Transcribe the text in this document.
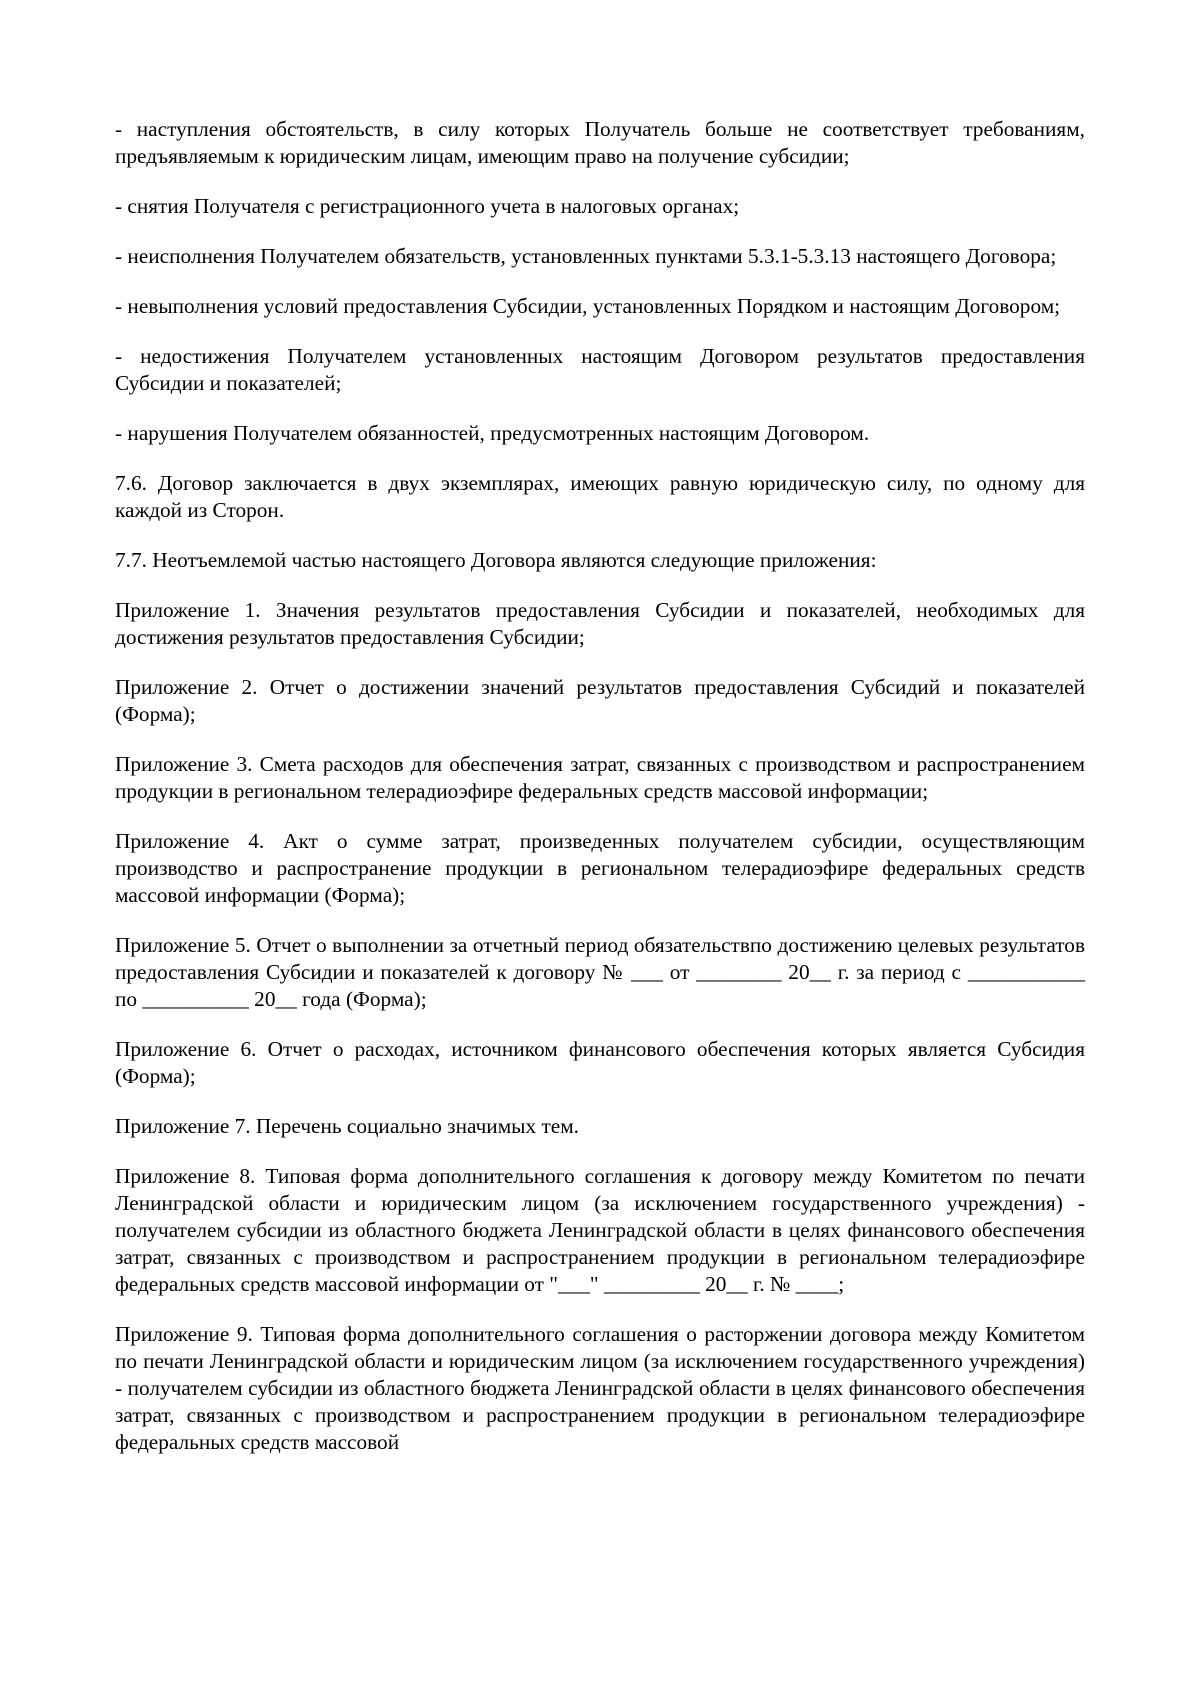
- наступления обстоятельств, в силу которых Получатель больше не соответствует требованиям, предъявляемым к юридическим лицам, имеющим право на получение субсидии;

- снятия Получателя с регистрационного учета в налоговых органах;

- неисполнения Получателем обязательств, установленных пунктами 5.3.1-5.3.13 настоящего Договора;

- невыполнения условий предоставления Субсидии, установленных Порядком и настоящим Договором;

- недостижения Получателем установленных настоящим Договором результатов предоставления Субсидии и показателей;

- нарушения Получателем обязанностей, предусмотренных настоящим Договором.

7.6. Договор заключается в двух экземплярах, имеющих равную юридическую силу, по одному для каждой из Сторон.

7.7. Неотъемлемой частью настоящего Договора являются следующие приложения:

Приложение 1. Значения результатов предоставления Субсидии и показателей, необходимых для достижения результатов предоставления Субсидии;

Приложение 2. Отчет о достижении значений результатов предоставления Субсидий и показателей (Форма);

Приложение 3. Смета расходов для обеспечения затрат, связанных с производством и распространением продукции в региональном телерадиоэфире федеральных средств массовой информации;

Приложение 4. Акт о сумме затрат, произведенных получателем субсидии, осуществляющим производство и распространение продукции в региональном телерадиоэфире федеральных средств массовой информации (Форма);

Приложение 5. Отчет о выполнении за отчетный период обязательствпо достижению целевых результатов предоставления Субсидии и показателей к договору № ___ от ________ 20__ г. за период с ___________ по __________ 20__ года (Форма);

Приложение 6. Отчет о расходах, источником финансового обеспечения которых является Субсидия (Форма);

Приложение 7. Перечень социально значимых тем.

Приложение 8. Типовая форма дополнительного соглашения к договору между Комитетом по печати Ленинградской области и юридическим лицом (за исключением государственного учреждения) - получателем субсидии из областного бюджета Ленинградской области в целях финансового обеспечения затрат, связанных с производством и распространением продукции в региональном телерадиоэфире федеральных средств массовой информации от "___" _________ 20__ г. № ____;

Приложение 9. Типовая форма дополнительного соглашения о расторжении договора между Комитетом по печати Ленинградской области и юридическим лицом (за исключением государственного учреждения) - получателем субсидии из областного бюджета Ленинградской области в целях финансового обеспечения затрат, связанных с производством и распространением продукции в региональном телерадиоэфире федеральных средств массовой
